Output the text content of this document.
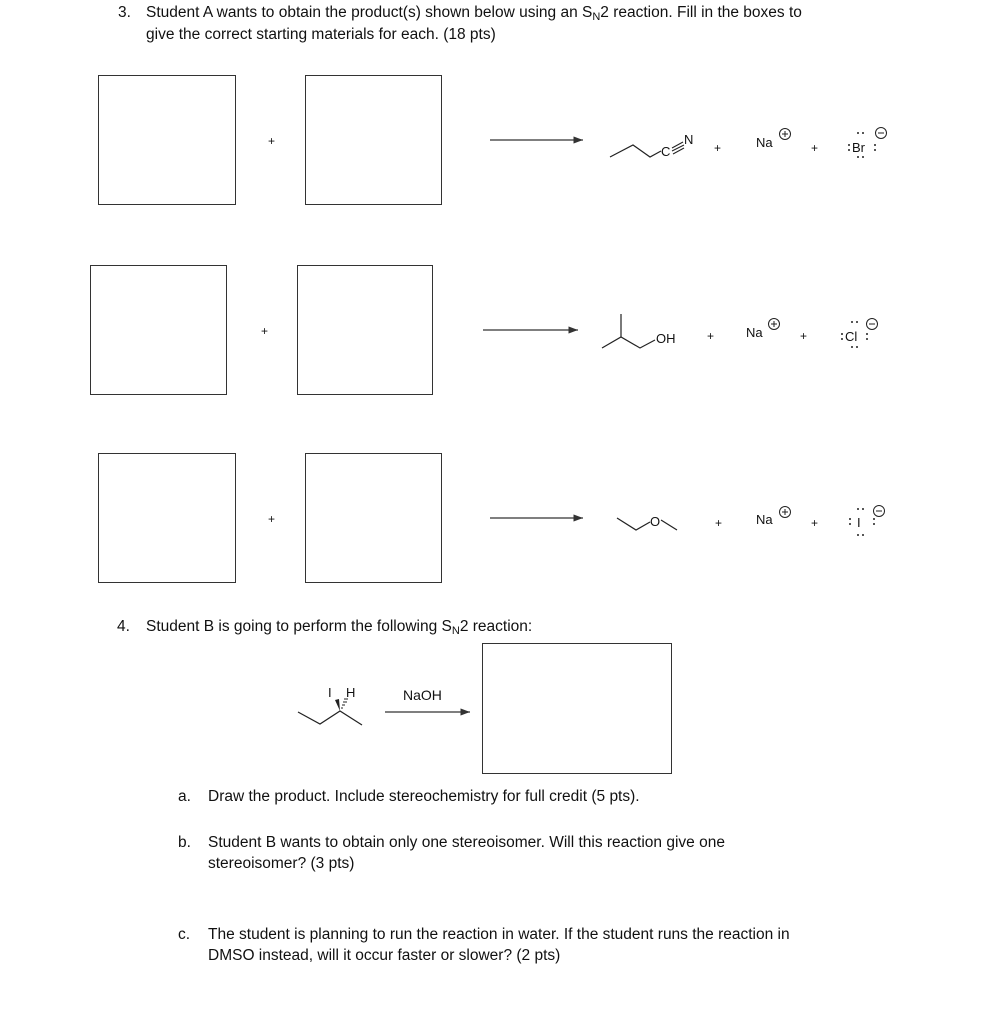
3. Student A wants to obtain the product(s) shown below using an $S_N2$ reaction. Fill in the boxes to
give the correct starting materials for each. (18 pts)
+
C
N
+	Na	+	Br
+	OH	+ Na	+	Cl
+	O	+	Na	+	I
I H	NaOH
4. Student B is going to perform the following $S_N2$ reaction:
a. Draw the product. Include stereochemistry for full credit (5 pts).
b. Student B wants to obtain only one stereoisomer. Will this reaction give one
stereoisomer? (3 pts)
c. The student is planning to run the reaction in water. If the student runs the reaction in
DMSO instead, will it occur faster or slower? (2 pts)
